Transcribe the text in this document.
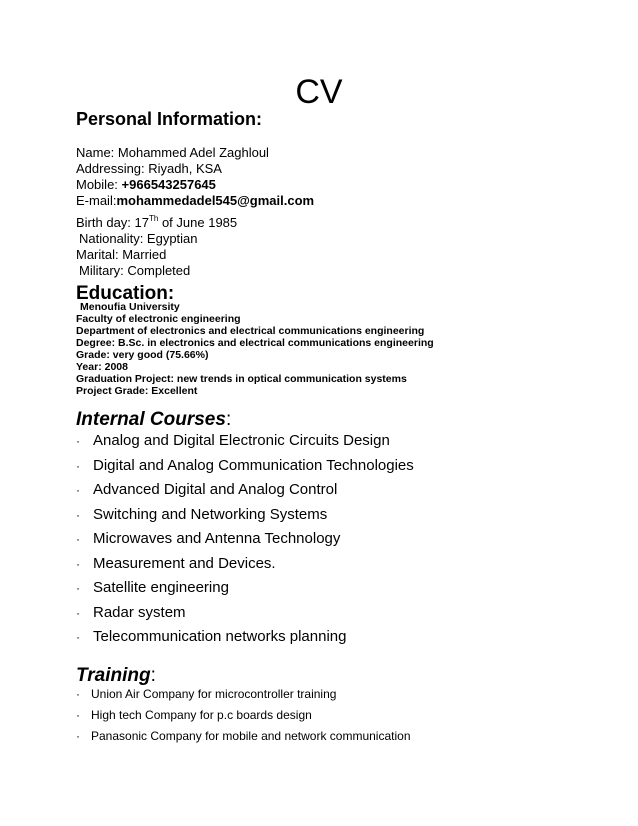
CV
Personal Information:
Name: Mohammed Adel Zaghloul
Addressing: Riyadh, KSA
Mobile: +966543257645
E-mail:mohammedadel545@gmail.com
Birth day: 17Th of June 1985
Nationality: Egyptian
Marital: Married
Military: Completed
Education:
Menoufia University
Faculty of electronic engineering
Department of electronics and electrical communications engineering
Degree: B.Sc. in electronics and electrical communications engineering
Grade: very good (75.66%)
Year: 2008
Graduation Project: new trends in optical communication systems
Project Grade: Excellent
Internal Courses:
· Analog and Digital Electronic Circuits Design
· Digital and Analog Communication Technologies
· Advanced Digital and Analog Control
· Switching and Networking Systems
· Microwaves and Antenna Technology
· Measurement and Devices.
· Satellite engineering
· Radar system
· Telecommunication networks planning
Training:
· Union Air Company for microcontroller training
· High tech Company for p.c boards design
· Panasonic Company for mobile and network communication
